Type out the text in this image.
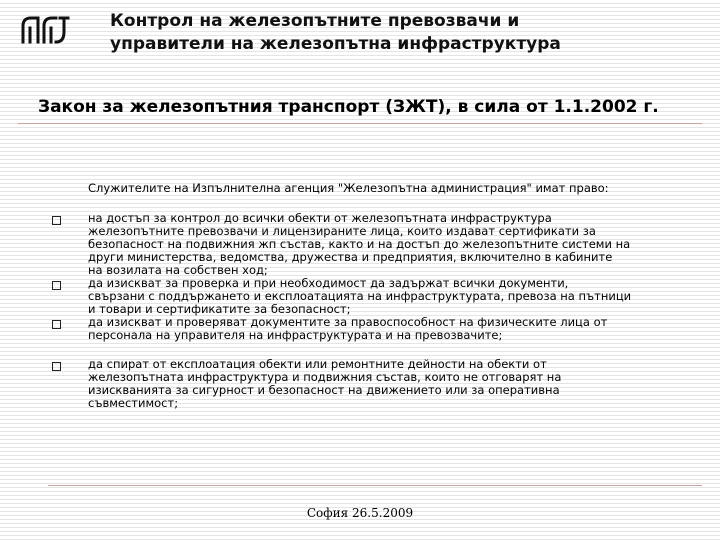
Контрол на железопътните превозвачи и
управители на железопътна инфраструктура
Закон за железопътния транспорт (ЗЖТ), в сила от 1.1.2002 г.

Служителите на Изпълнителна агенция "Железопътна администрация" имат право:

на достъп за контрол до всички обекти от железопътната инфраструктура
железопътните превозвачи и лицензираните лица, които издават сертификати за
безопасност на подвижния жп състав, както и на достъп до железопътните системи на
други министерства, ведомства, дружества и предприятия, включително в кабините
на возилата на собствен ход;
да изискват за проверка и при необходимост да задържат всички документи,
свързани с поддържането и експлоатацията на инфраструктурата, превоза на пътници
и товари и сертификатите за безопасност;
да изискват и проверяват документите за правоспособност на физическите лица от
персонала на управителя на инфраструктурата и на превозвачите;
да спират от експлоатация обекти или ремонтните дейности на обекти от
железопътната инфраструктура и подвижния състав, които не отговарят на
изискванията за сигурност и безопасност на движението или за оперативна
съвместимост;
София 26.5.2009
